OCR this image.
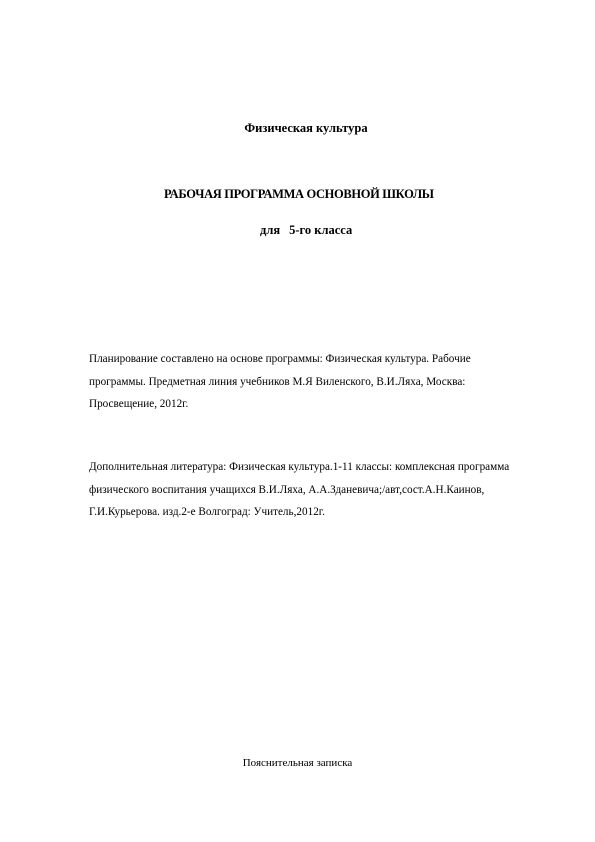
Физическая культура
РАБОЧАЯ ПРОГРАММА ОСНОВНОЙ ШКОЛЫ
для 5-го класса
Планирование составлено на основе программы: Физическая культура. Рабочие
программы. Предметная линия учебников М.Я Виленского, В.И.Ляха, Москва:
Просвещение, 2012г.
Дополнительная литература: Физическая культура.1-11 классы: комплексная программа
физического воспитания учащихся В.И.Ляха, А.А.Зданевича;/авт,сост.А.Н.Каинов,
Г.И.Курьерова. изд.2-е Волгоград: Учитель,2012г.
Пояснительная записка
